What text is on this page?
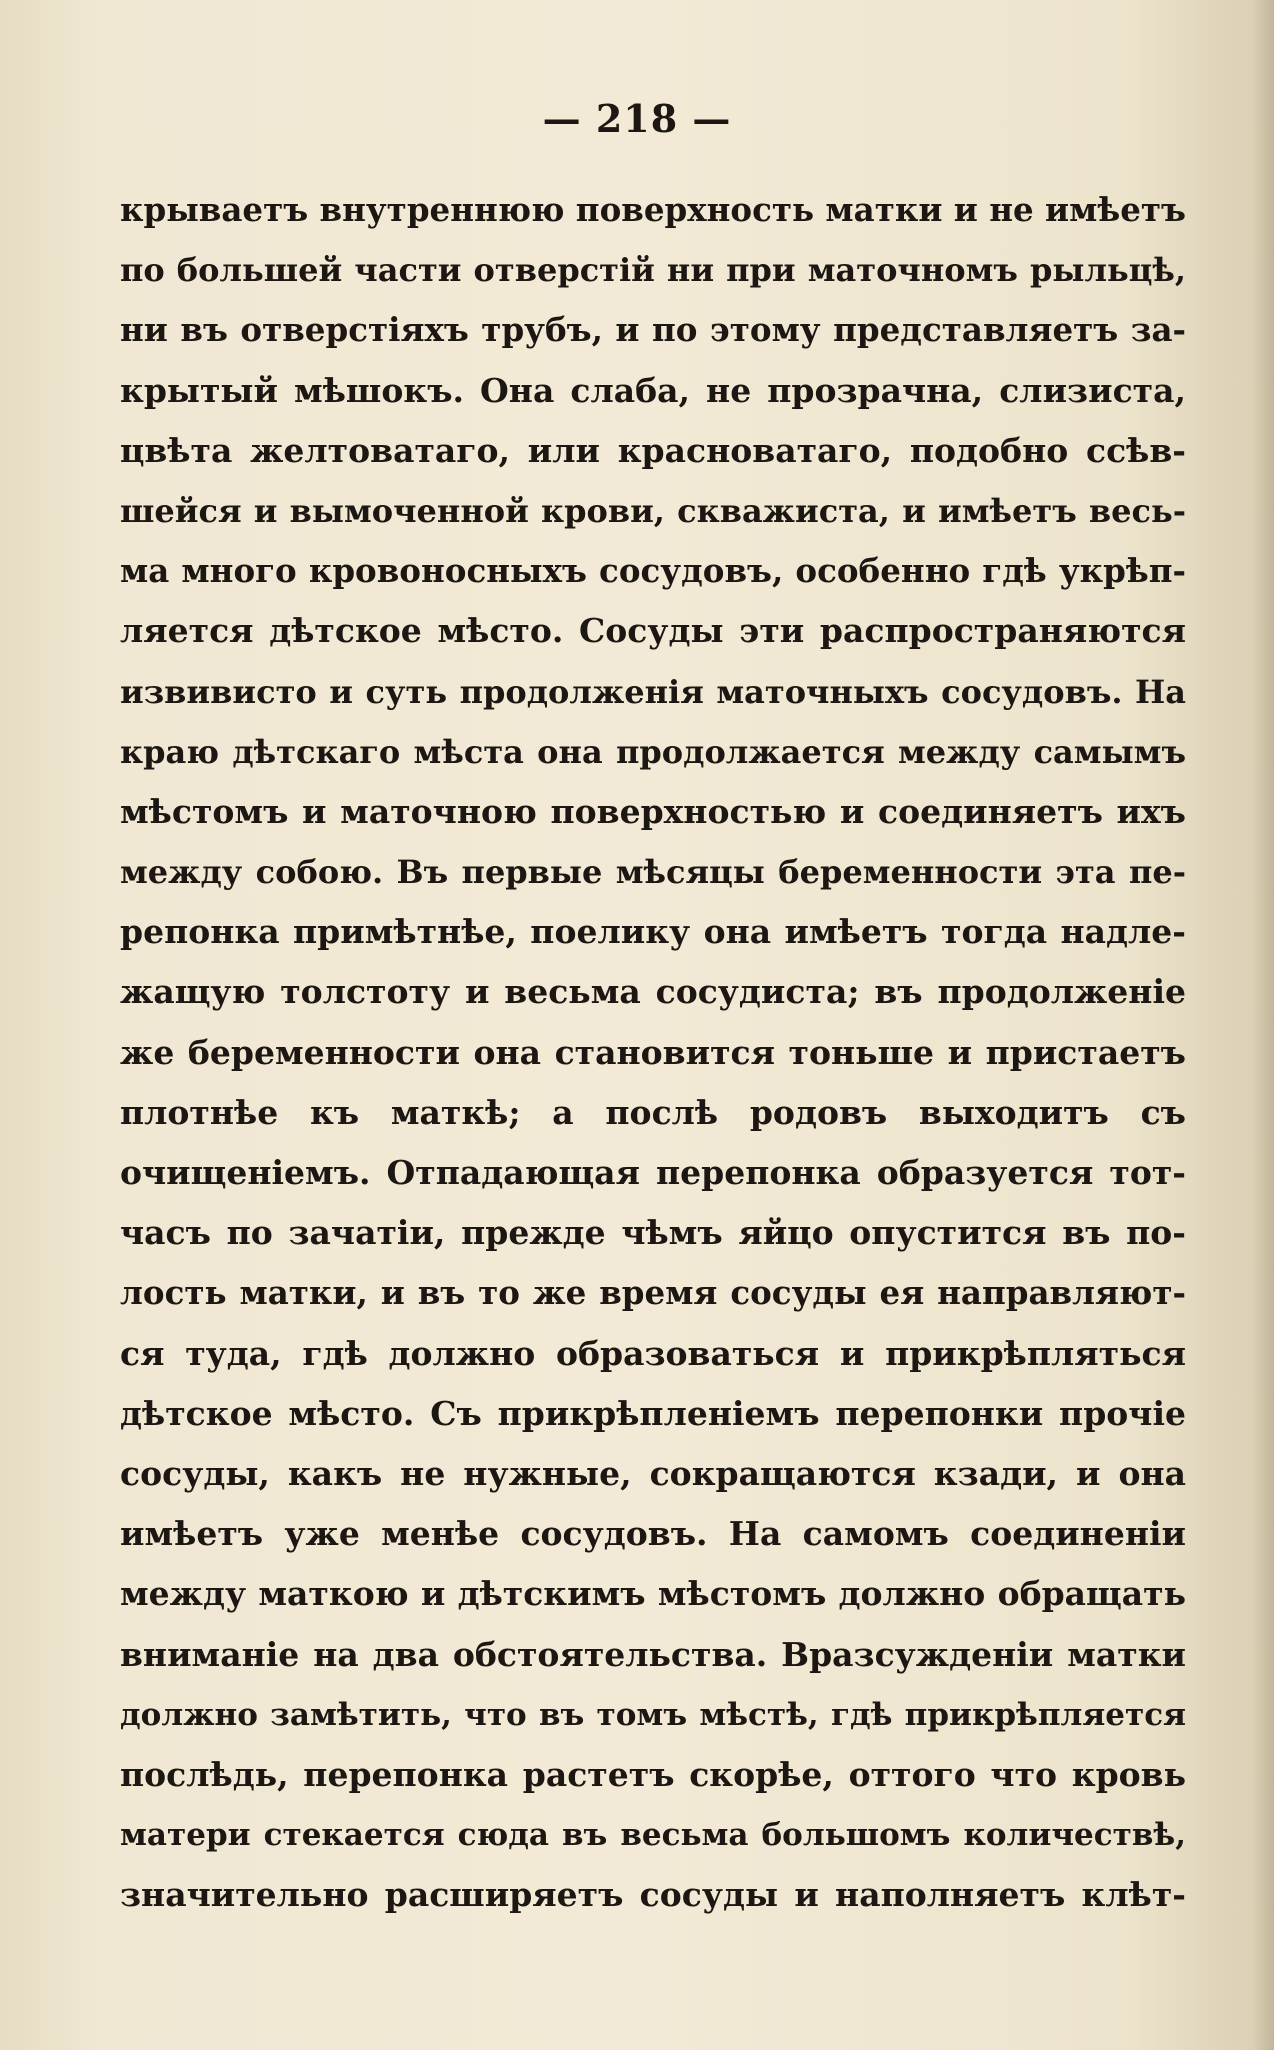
— 218 —
крываетъ внутреннюю поверхность матки и не имѣетъ
по большей части отверстій ни при маточномъ рыльцѣ,
ни въ отверстіяхъ трубъ, и по этому представляетъ за-
крытый мѣшокъ. Она слаба, не прозрачна, слизиста,
цвѣта желтоватаго, или красноватаго, подобно ссѣв-
шейся и вымоченной крови, скважиста, и имѣетъ весь-
ма много кровоносныхъ сосудовъ, особенно гдѣ укрѣп-
ляется дѣтское мѣсто. Сосуды эти распространяются
извивисто и суть продолженія маточныхъ сосудовъ. На
краю дѣтскаго мѣста она продолжается между самымъ
мѣстомъ и маточною поверхностью и соединяетъ ихъ
между собою. Въ первые мѣсяцы беременности эта пе-
репонка примѣтнѣе, поелику она имѣетъ тогда надле-
жащую толстоту и весьма сосудиста; въ продолженіе
же беременности она становится тоньше и пристаетъ
плотнѣе къ маткѣ; а послѣ родовъ выходитъ съ
очищеніемъ. Отпадающая перепонка образуется тот-
часъ по зачатіи, прежде чѣмъ яйцо опустится въ по-
лость матки, и въ то же время сосуды ея направляют-
ся туда, гдѣ должно образоваться и прикрѣпляться
дѣтское мѣсто. Съ прикрѣпленіемъ перепонки прочіе
сосуды, какъ не нужные, сокращаются кзади, и она
имѣетъ уже менѣе сосудовъ. На самомъ соединеніи
между маткою и дѣтскимъ мѣстомъ должно обращать
вниманіе на два обстоятельства. Вразсужденіи матки
должно замѣтить, что въ томъ мѣстѣ, гдѣ прикрѣпляется
послѣдь, перепонка растетъ скорѣе, оттого что кровь
матери стекается сюда въ весьма большомъ количествѣ,
значительно расширяетъ сосуды и наполняетъ клѣт-
